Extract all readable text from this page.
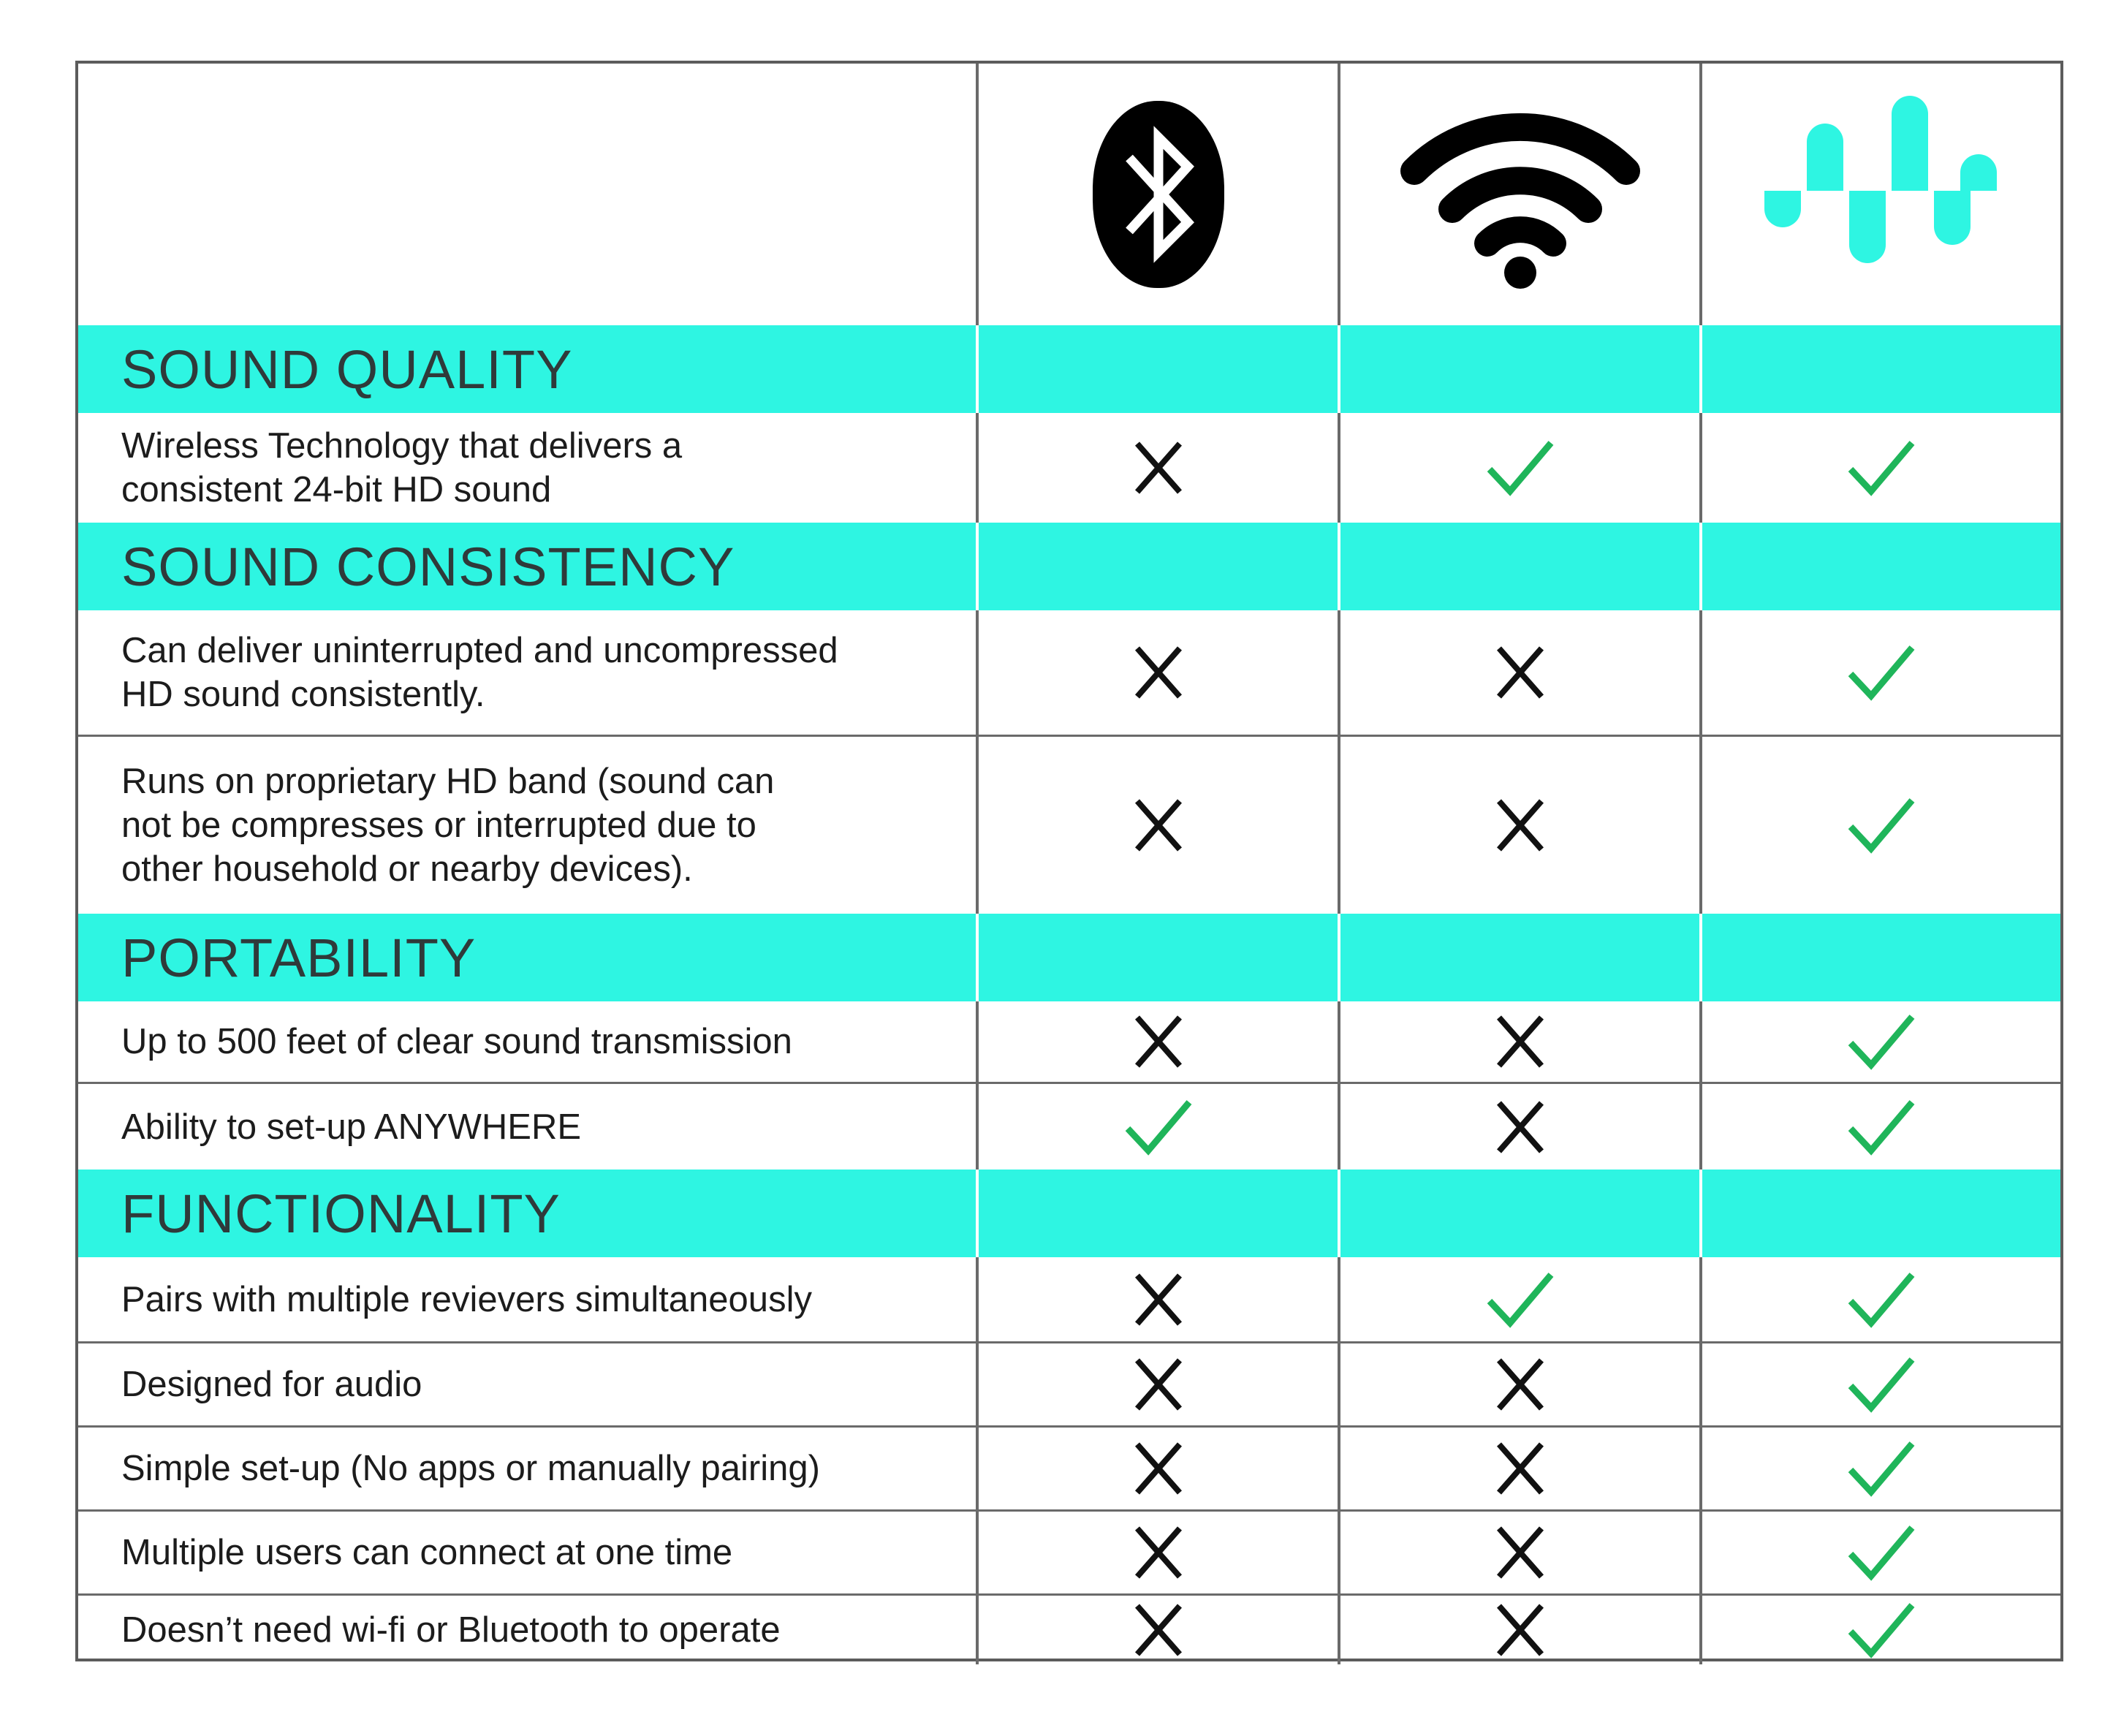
SOUND QUALITY
Wireless Technology that delivers a
consistent 24-bit HD sound
SOUND CONSISTENCY
Can deliver uninterrupted and uncompressed
HD sound consistently.
Runs on proprietary HD band (sound can
not be compresses or interrupted due to
other household or nearby devices).
PORTABILITY
Up to 500 feet of clear sound transmission
Ability to set-up ANYWHERE
FUNCTIONALITY
Pairs with multiple revievers simultaneously
Designed for audio
Simple set-up (No apps or manually pairing)
Multiple users can connect at one time
Doesn’t need wi-fi or Bluetooth to operate
